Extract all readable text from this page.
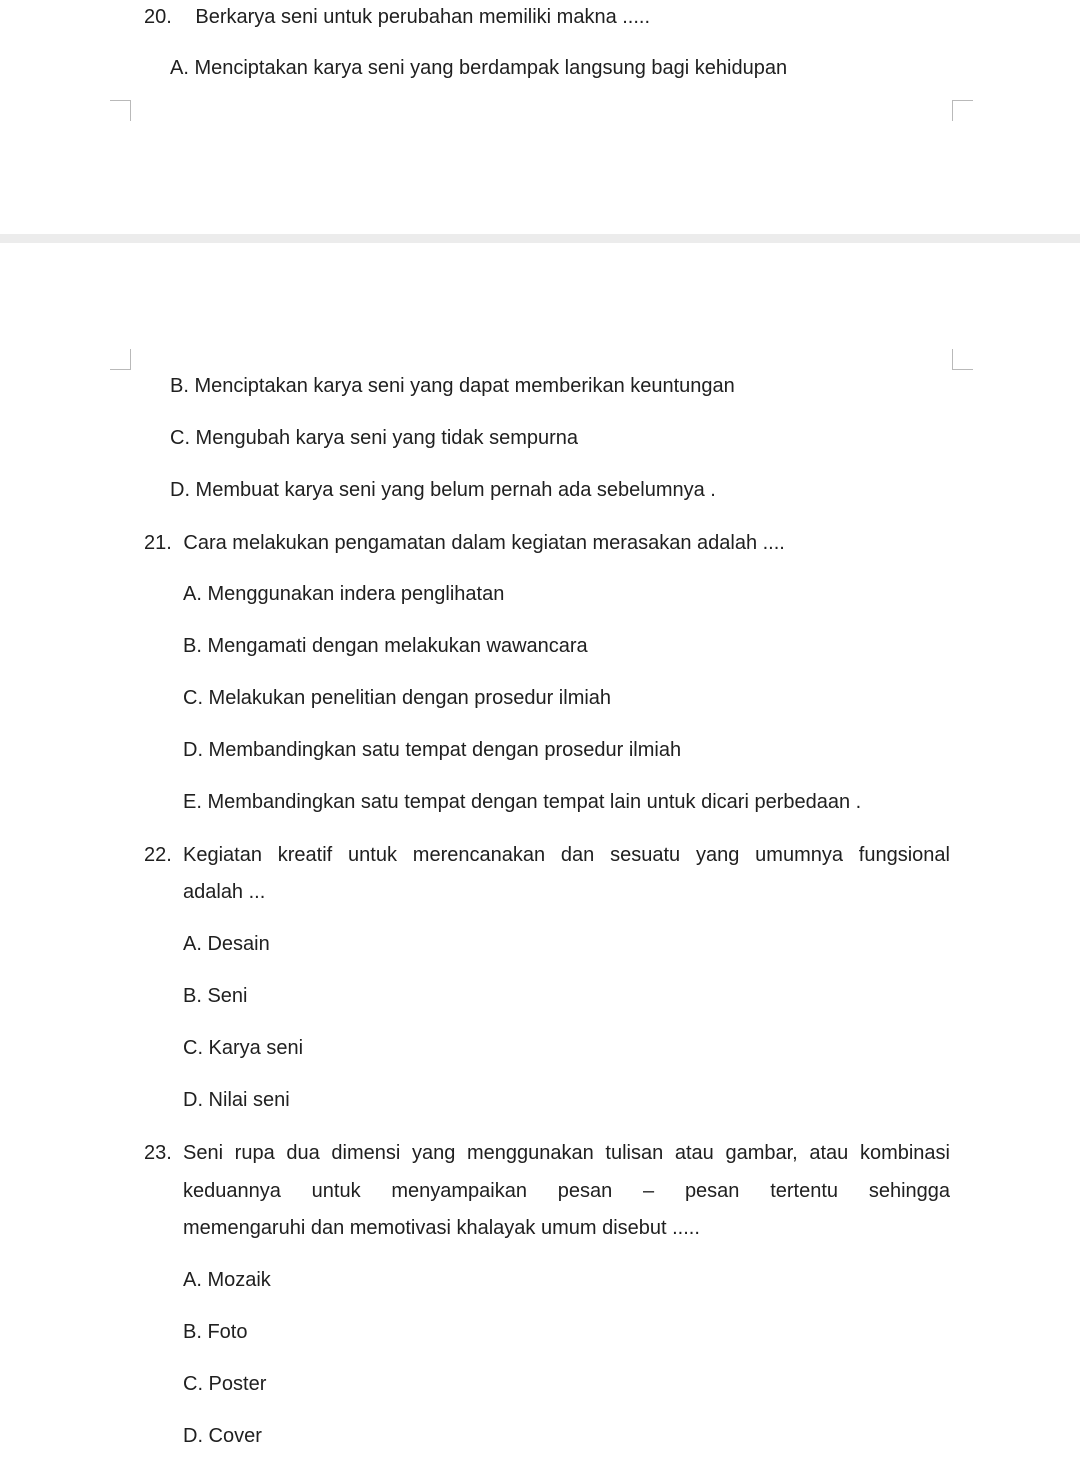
20. Berkarya seni untuk perubahan memiliki makna .....
A. Menciptakan karya seni yang berdampak langsung bagi kehidupan
B. Menciptakan karya seni yang dapat memberikan keuntungan
C. Mengubah karya seni yang tidak sempurna
D. Membuat karya seni yang belum pernah ada sebelumnya .
21. Cara melakukan pengamatan dalam kegiatan merasakan adalah ....
A. Menggunakan indera penglihatan
B. Mengamati dengan melakukan wawancara
C. Melakukan penelitian dengan prosedur ilmiah
D. Membandingkan satu tempat dengan prosedur ilmiah
E. Membandingkan satu tempat dengan tempat lain untuk dicari perbedaan .
22. Kegiatan kreatif untuk merencanakan dan sesuatu yang umumnya fungsional
adalah ...
A. Desain
B. Seni
C. Karya seni
D. Nilai seni
23. Seni rupa dua dimensi yang menggunakan tulisan atau gambar, atau kombinasi
keduannya untuk menyampaikan pesan – pesan tertentu sehingga
memengaruhi dan memotivasi khalayak umum disebut .....
A. Mozaik
B. Foto
C. Poster
D. Cover
